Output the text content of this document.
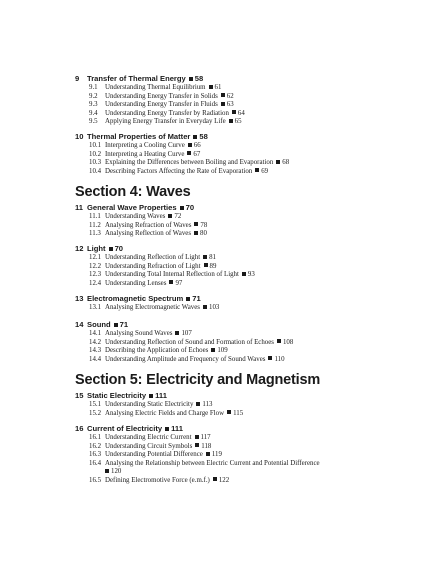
9 Transfer of Thermal Energy 58
9.1 Understanding Thermal Equilibrium 61
9.2 Understanding Energy Transfer in Solids 62
9.3 Understanding Energy Transfer in Fluids 63
9.4 Understanding Energy Transfer by Radiation 64
9.5 Applying Energy Transfer in Everyday Life 65
10 Thermal Properties of Matter 58
10.1 Interpreting a Cooling Curve 66
10.2 Interpreting a Heating Curve 67
10.3 Explaining the Differences between Boiling and Evaporation 68
10.4 Describing Factors Affecting the Rate of Evaporation 69
Section 4: Waves
11 General Wave Properties 70
11.1 Understanding Waves 72
11.2 Analysing Refraction of Waves 78
11.3 Analysing Reflection of Waves 80
12 Light 70
12.1 Understanding Reflection of Light 81
12.2 Understanding Refraction of Light 89
12.3 Understanding Total Internal Reflection of Light 93
12.4 Understanding Lenses 97
13 Electromagnetic Spectrum 71
13.1 Analysing Electromagnetic Waves 103
14 Sound 71
14.1 Analysing Sound Waves 107
14.2 Understanding Reflection of Sound and Formation of Echoes 108
14.3 Describing the Application of Echoes 109
14.4 Understanding Amplitude and Frequency of Sound Waves 110
Section 5: Electricity and Magnetism
15 Static Electricity 111
15.1 Understanding Static Electricity 113
15.2 Analysing Electric Fields and Charge Flow 115
16 Current of Electricity 111
16.1 Understanding Electric Current 117
16.2 Understanding Circuit Symbols 118
16.3 Understanding Potential Difference 119
16.4 Analysing the Relationship between Electric Current and Potential Difference
120
16.5 Defining Electromotive Force (e.m.f.) 122
